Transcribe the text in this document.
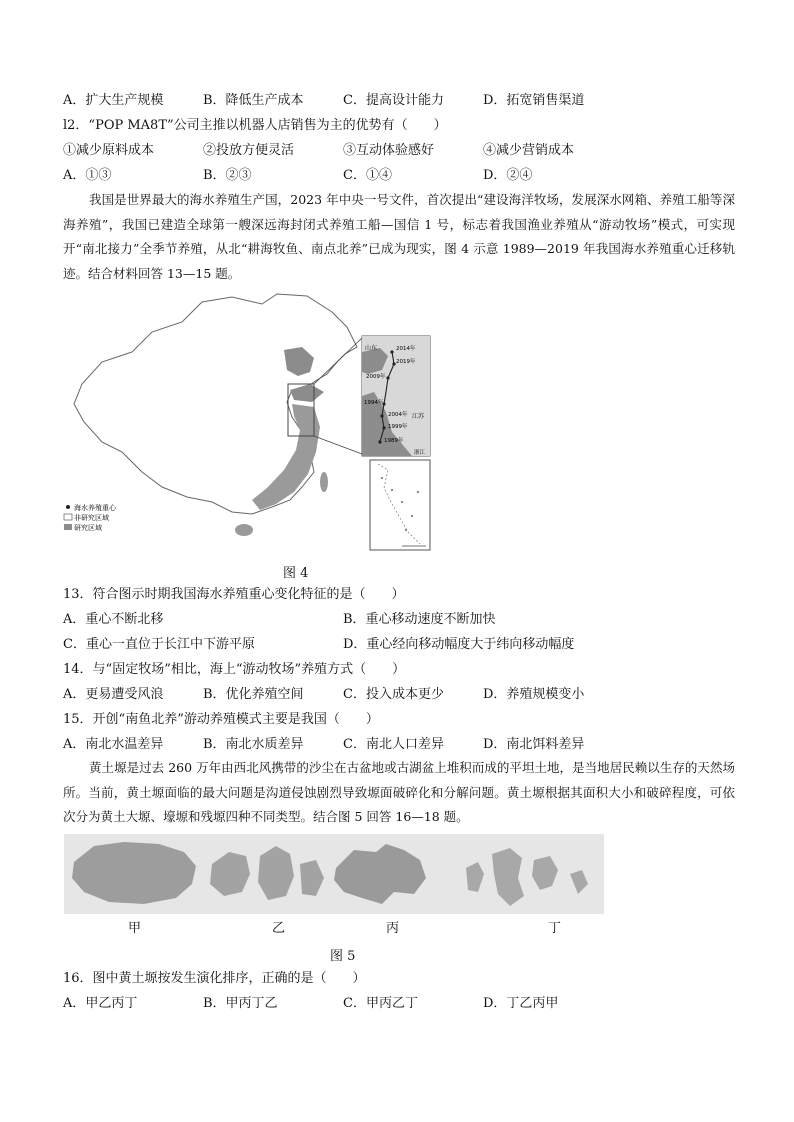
A．扩大生产规模	B．降低生产成本	C．提高设计能力	D．拓宽销售渠道
l2．“POP MA8T”公司主推以机器人店销售为主的优势有（　　）
①减少原料成本	②投放方便灵活	③互动体验感好	④减少营销成本
A．①③	B．②③	C．①④	D．②④
我国是世界最大的海水养殖生产国，2023 年中央一号文件，首次提出“建设海洋牧场，发展深水网箱、养殖工船等深海养殖”，我国已建造全球第一艘深远海封闭式养殖工船—国信 1 号，标志着我国渔业养殖从“游动牧场”模式，可实现开“南北接力”全季节养殖，从北“耕海牧鱼、南点北养”已成为现实，图 4 示意 1989—2019 年我国海水养殖重心迁移轨迹。结合材料回答 13—15 题。
山东	2014年
2019年
2009年
1994年
2004年 江苏
1999年
1989年
浙江
海水养殖重心
非研究区域
研究区域
图 4
13．符合图示时期我国海水养殖重心变化特征的是（　　）
A．重心不断北移	B．重心移动速度不断加快
C．重心一直位于长江中下游平原	D．重心经向移动幅度大于纬向移动幅度
14．与“固定牧场”相比，海上“游动牧场”养殖方式（　　）
A．更易遭受风浪	B．优化养殖空间	C．投入成本更少	D．养殖规模变小
15．开创“南鱼北养”游动养殖模式主要是我国（　　）
A．南北水温差异	B．南北水质差异	C．南北人口差异	D．南北饵料差异
黄土塬是过去 260 万年由西北风携带的沙尘在古盆地或古湖盆上堆积而成的平坦土地，是当地居民赖以生存的天然场所。当前，黄土塬面临的最大问题是沟道侵蚀剧烈导致塬面破碎化和分解问题。黄土塬根据其面积大小和破碎程度，可依次分为黄土大塬、壕塬和残塬四种不同类型。结合图 5 回答 16—18 题。
甲	乙	丙	丁
图 5
16．图中黄土塬按发生演化排序，正确的是（　　）
A．甲乙丙丁	B．甲丙丁乙	C．甲丙乙丁	D．丁乙丙甲
